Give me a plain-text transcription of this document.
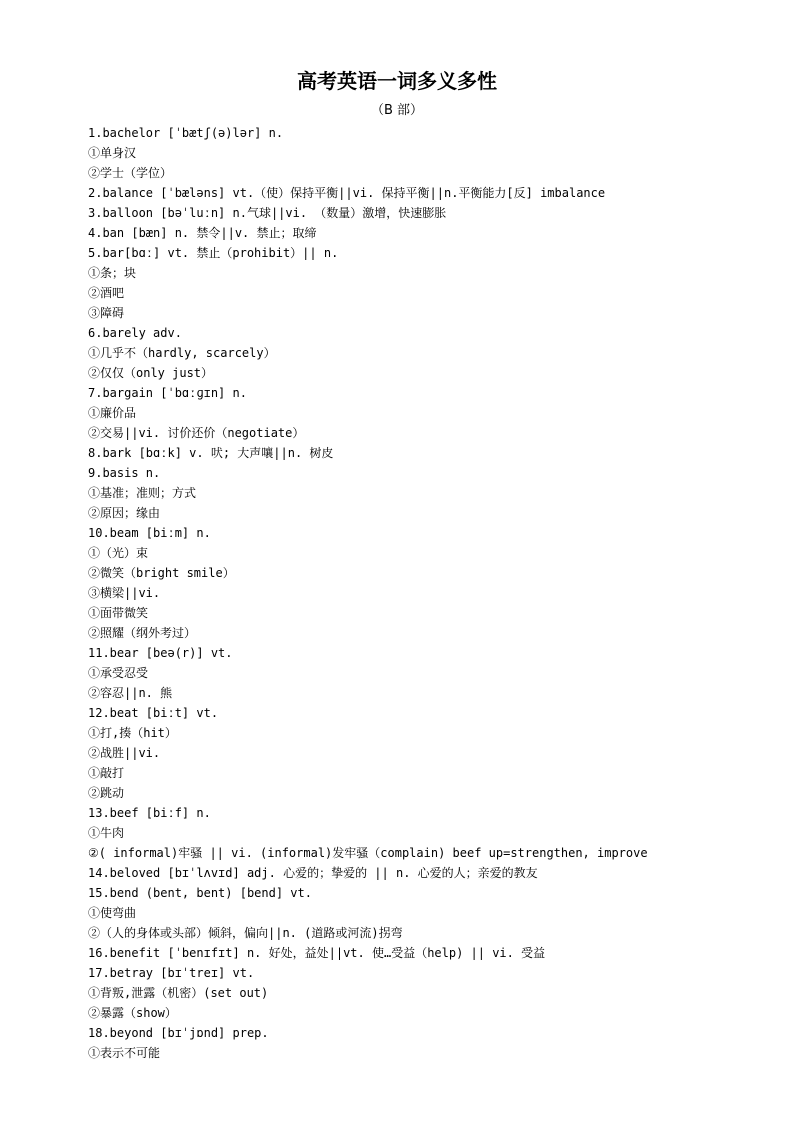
高考英语一词多义多性
（B 部）
1.bachelor [ˈbætʃ(ə)lər] n.
①单身汉
②学士（学位）
2.balance [ˈbæləns] vt.（使）保持平衡||vi. 保持平衡||n.平衡能力[反] imbalance
3.balloon [bəˈluːn] n.气球||vi. （数量）激增，快速膨胀
4.ban [bæn] n. 禁令||v. 禁止；取缔
5.bar[bɑː] vt. 禁止（prohibit）|| n.
①条；块
②酒吧
③障碍
6.barely adv.
①几乎不（hardly, scarcely）
②仅仅（only just）
7.bargain [ˈbɑːɡɪn] n.
①廉价品
②交易||vi. 讨价还价（negotiate）
8.bark [bɑːk] v. 吠; 大声嚷||n. 树皮
9.basis n.
①基准；准则；方式
②原因；缘由
10.beam [biːm] n.
①（光）束
②微笑（bright smile）
③横梁||vi.
①面带微笑
②照耀（纲外考过）
11.bear [beə(r)] vt.
①承受忍受
②容忍||n. 熊
12.beat [biːt] vt.
①打,揍（hit）
②战胜||vi.
①敲打
②跳动
13.beef [biːf] n.
①牛肉
②( informal)牢骚 || vi. (informal)发牢骚（complain) beef up=strengthen, improve
14.beloved [bɪˈlʌvɪd] adj. 心爱的；挚爱的 || n. 心爱的人；亲爱的教友
15.bend (bent, bent) [bend] vt.
①使弯曲
②（人的身体或头部）倾斜，偏向||n. (道路或河流)拐弯
16.benefit [ˈbenɪfɪt] n. 好处，益处||vt. 使…受益（help) || vi. 受益
17.betray [bɪˈtreɪ] vt.
①背叛,泄露（机密）(set out)
②暴露（show）
18.beyond [bɪˈjɒnd] prep.
①表示不可能
